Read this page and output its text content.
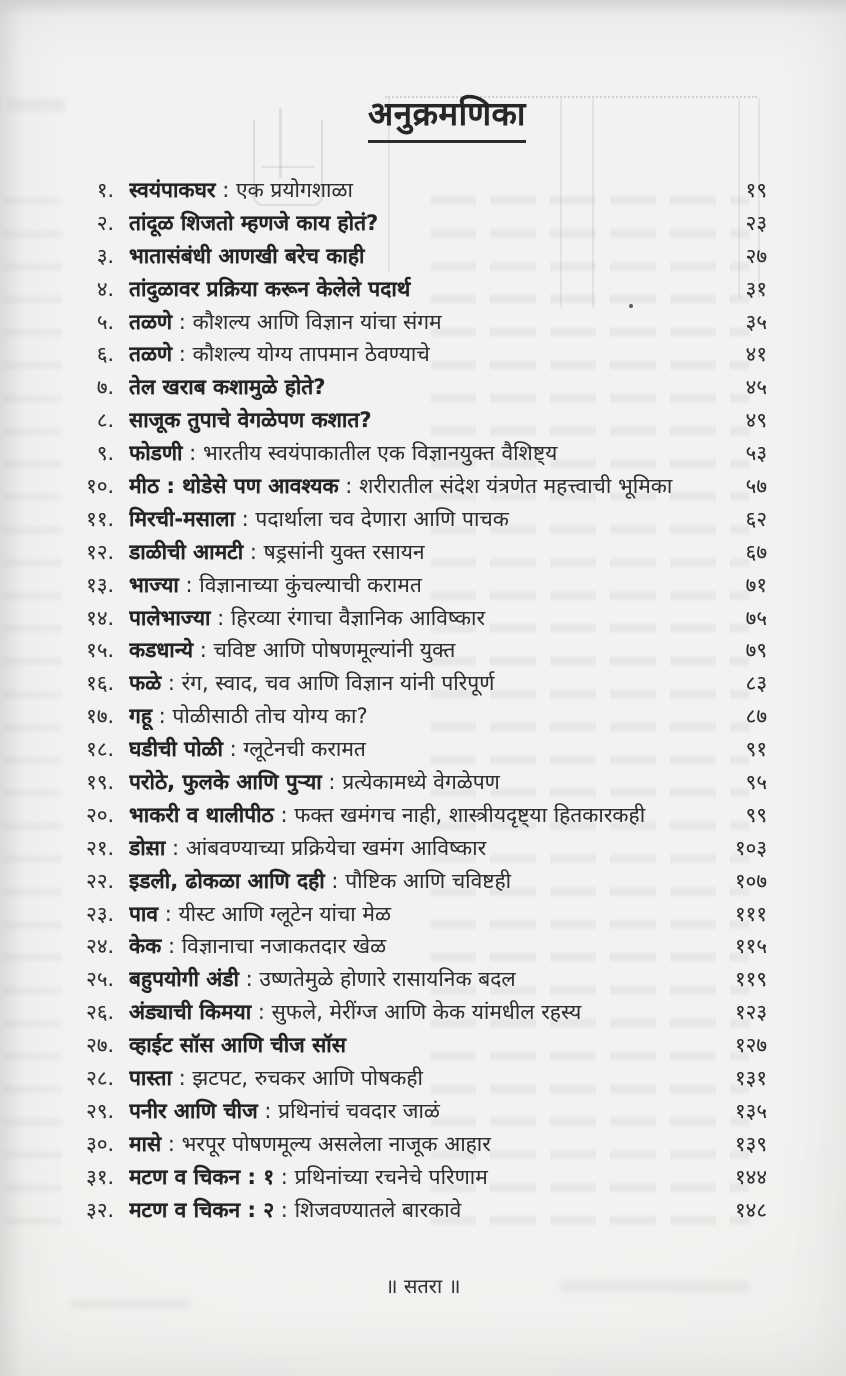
अनुक्रमणिका
१. स्वयंपाकघर : एक प्रयोगशाळा	१९
२. तांदूळ शिजतो म्हणजे काय होतं?	२३
३. भातासंबंधी आणखी बरेच काही	२७
४. तांदुळावर प्रक्रिया करून केलेले पदार्थ	३१
५. तळणे : कौशल्य आणि विज्ञान यांचा संगम	३५
६. तळणे : कौशल्य योग्य तापमान ठेवण्याचे	४१
७. तेल खराब कशामुळे होते?	४५
८. साजूक तुपाचे वेगळेपण कशात?	४९
९. फोडणी : भारतीय स्वयंपाकातील एक विज्ञानयुक्त वैशिष्ट्य	५३
१०. मीठ : थोडेसे पण आवश्यक : शरीरातील संदेश यंत्रणेत महत्त्वाची भूमिका	५७
११. मिरची-मसाला : पदार्थाला चव देणारा आणि पाचक	६२
१२. डाळीची आमटी : षड्रसांनी युक्त रसायन	६७
१३. भाज्या : विज्ञानाच्या कुंचल्याची करामत	७१
१४. पालेभाज्या : हिरव्या रंगाचा वैज्ञानिक आविष्कार	७५
१५. कडधान्ये : चविष्ट आणि पोषणमूल्यांनी युक्त	७९
१६. फळे : रंग, स्वाद, चव आणि विज्ञान यांनी परिपूर्ण	८३
१७. गहू : पोळीसाठी तोच योग्य का?	८७
१८. घडीची पोळी : ग्लूटेनची करामत	९१
१९. परोठे, फुलके आणि पुऱ्या : प्रत्येकामध्ये वेगळेपण	९५
२०. भाकरी व थालीपीठ : फक्त खमंगच नाही, शास्त्रीयदृष्ट्या हितकारकही	९९
२१. डोसा : आंबवण्याच्या प्रक्रियेचा खमंग आविष्कार	१०३
२२. इडली, ढोकळा आणि दही : पौष्टिक आणि चविष्टही	१०७
२३. पाव : यीस्ट आणि ग्लूटेन यांचा मेळ	१११
२४. केक : विज्ञानाचा नजाकतदार खेळ	११५
२५. बहुपयोगी अंडी : उष्णतेमुळे होणारे रासायनिक बदल	११९
२६. अंड्याची किमया : सुफले, मेरींग्ज आणि केक यांमधील रहस्य	१२३
२७. व्हाईट सॉस आणि चीज सॉस	१२७
२८. पास्ता : झटपट, रुचकर आणि पोषकही	१३१
२९. पनीर आणि चीज : प्रथिनांचं चवदार जाळं	१३५
३०. मासे : भरपूर पोषणमूल्य असलेला नाजूक आहार	१३९
३१. मटण व चिकन : १ : प्रथिनांच्या रचनेचे परिणाम	१४४
३२. मटण व चिकन : २ : शिजवण्यातले बारकावे	१४८
॥ सतरा ॥
